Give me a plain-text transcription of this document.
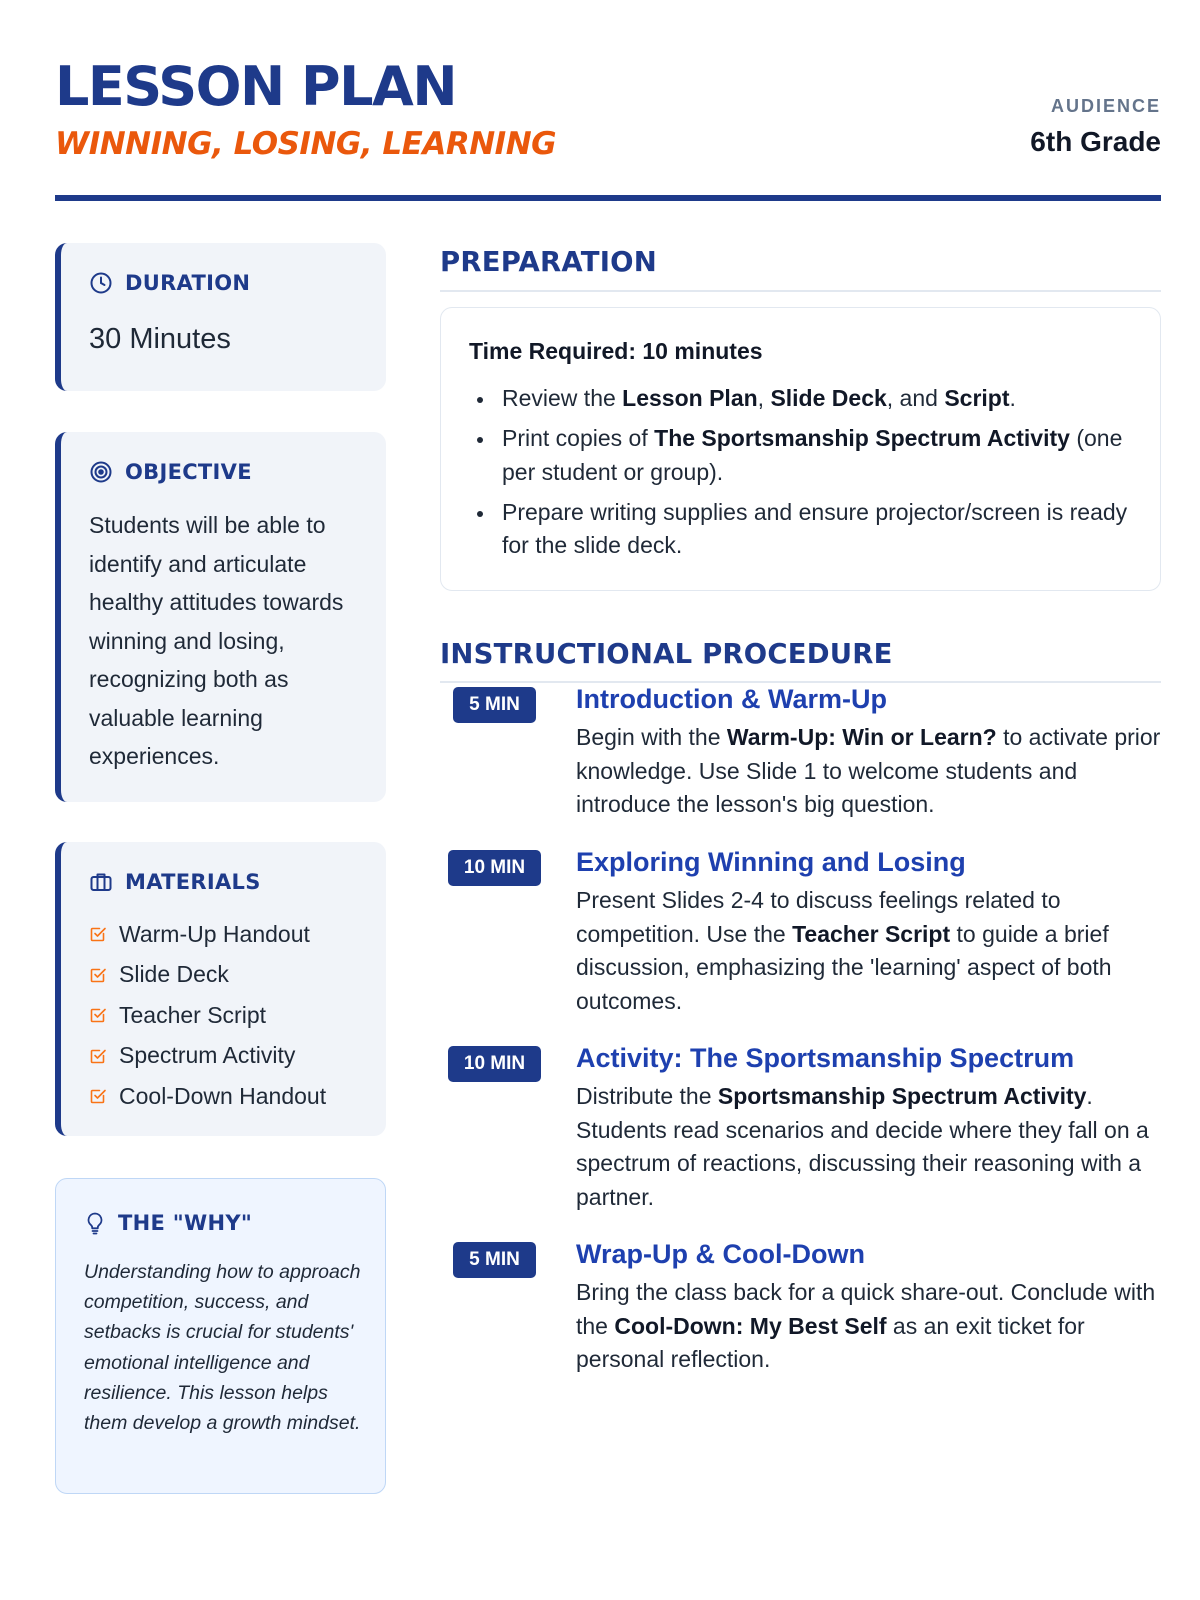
LESSON PLAN
WINNING, LOSING, LEARNING
AUDIENCE
6th Grade
DURATION
30 Minutes
OBJECTIVE
Students will be able to identify and articulate healthy attitudes towards winning and losing, recognizing both as valuable learning experiences.
MATERIALS
Warm-Up Handout
Slide Deck
Teacher Script
Spectrum Activity
Cool-Down Handout
THE "WHY"
Understanding how to approach competition, success, and setbacks is crucial for students' emotional intelligence and resilience. This lesson helps them develop a growth mindset.
PREPARATION
Time Required: 10 minutes
Review the Lesson Plan, Slide Deck, and Script.
Print copies of The Sportsmanship Spectrum Activity (one per student or group).
Prepare writing supplies and ensure projector/screen is ready for the slide deck.
INSTRUCTIONAL PROCEDURE
5 MIN	Introduction & Warm-Up
Begin with the Warm-Up: Win or Learn? to activate prior knowledge. Use Slide 1 to welcome students and introduce the lesson's big question.
10 MIN	Exploring Winning and Losing
Present Slides 2-4 to discuss feelings related to competition. Use the Teacher Script to guide a brief discussion, emphasizing the 'learning' aspect of both outcomes.
10 MIN	Activity: The Sportsmanship Spectrum
Distribute the Sportsmanship Spectrum Activity. Students read scenarios and decide where they fall on a spectrum of reactions, discussing their reasoning with a partner.
5 MIN	Wrap-Up & Cool-Down
Bring the class back for a quick share-out. Conclude with the Cool-Down: My Best Self as an exit ticket for personal reflection.
